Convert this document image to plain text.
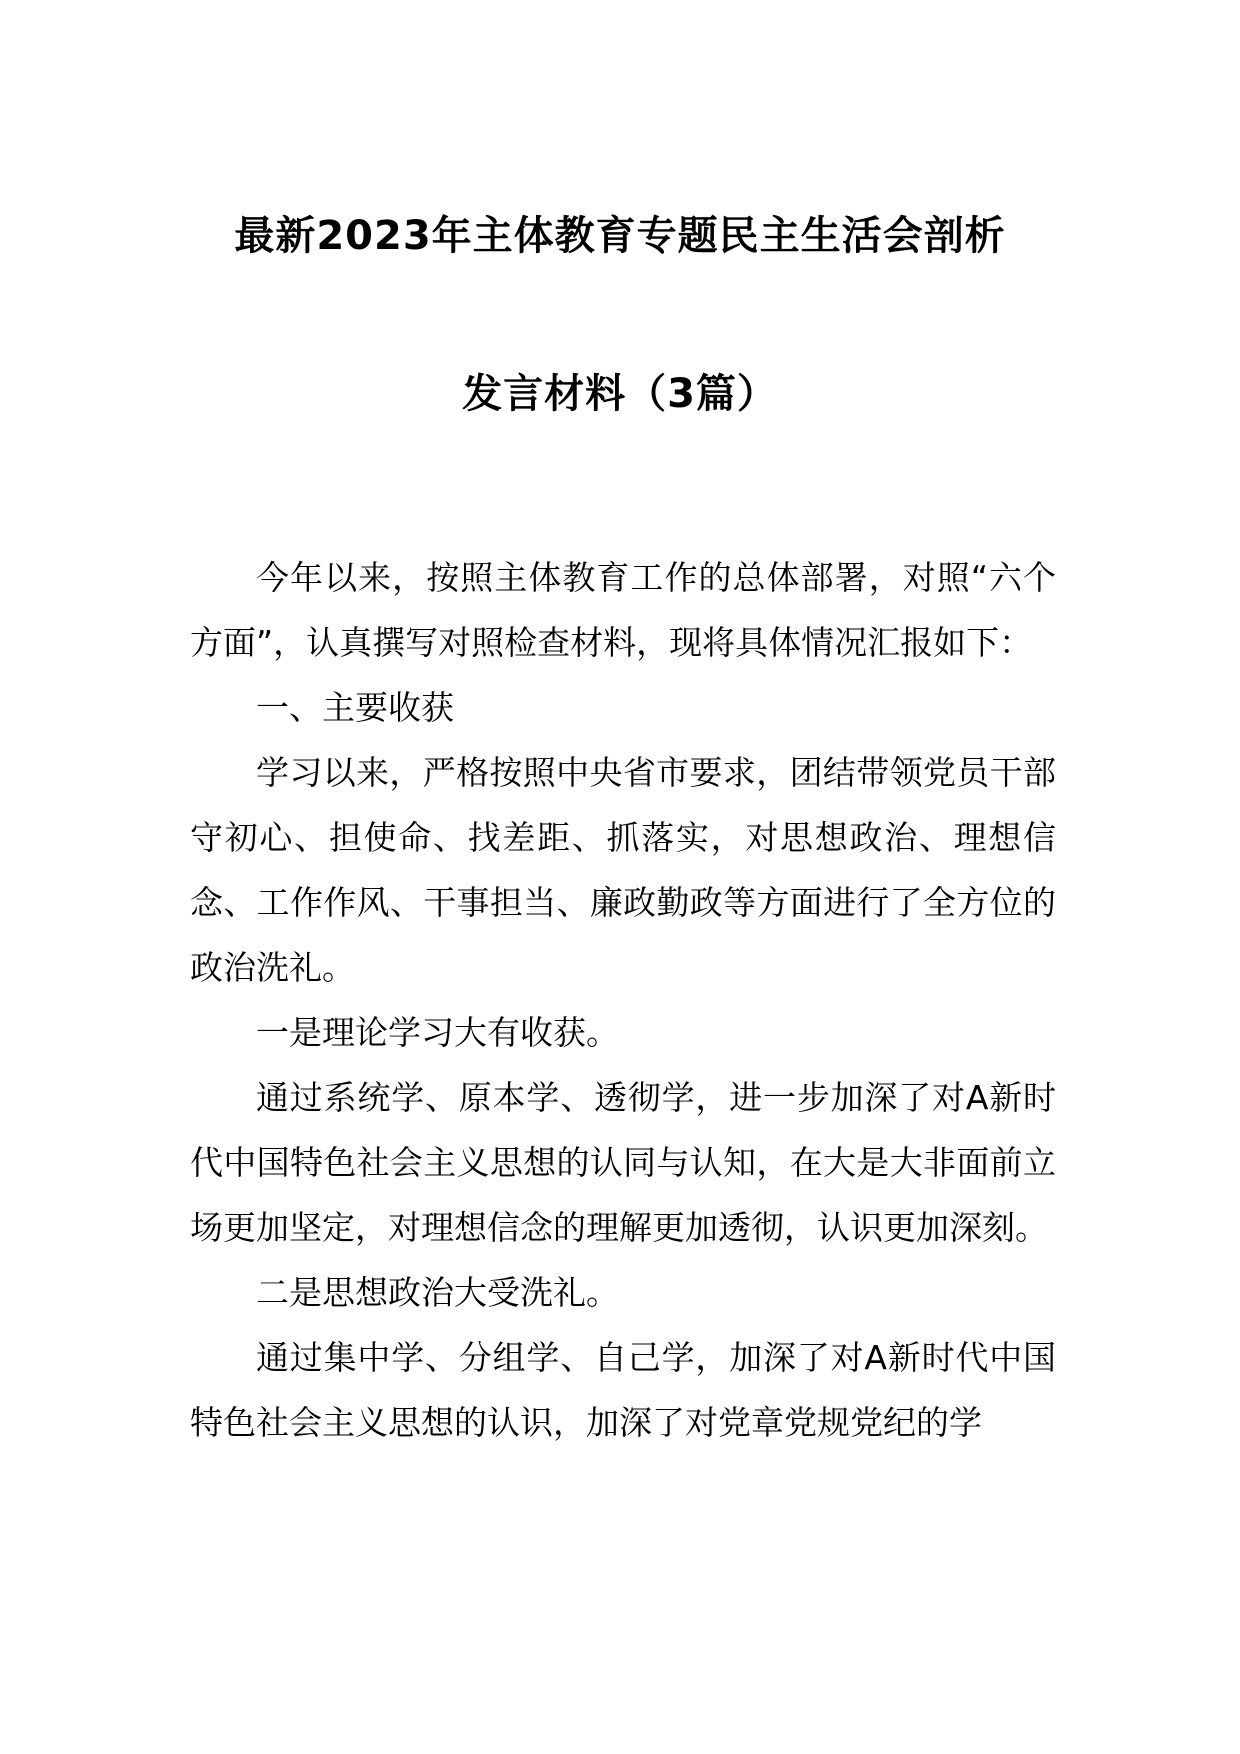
最新2023年主体教育专题民主生活会剖析
发言材料（3篇）

今年以来，按照主体教育工作的总体部署，对照“六个方面”，认真撰写对照检查材料，现将具体情况汇报如下：

一、主要收获

学习以来，严格按照中央省市要求，团结带领党员干部守初心、担使命、找差距、抓落实，对思想政治、理想信念、工作作风、干事担当、廉政勤政等方面进行了全方位的政治洗礼。

一是理论学习大有收获。

通过系统学、原本学、透彻学，进一步加深了对A新时代中国特色社会主义思想的认同与认知，在大是大非面前立场更加坚定，对理想信念的理解更加透彻，认识更加深刻。

二是思想政治大受洗礼。

通过集中学、分组学、自己学，加深了对A新时代中国特色社会主义思想的认识，加深了对党章党规党纪的学
